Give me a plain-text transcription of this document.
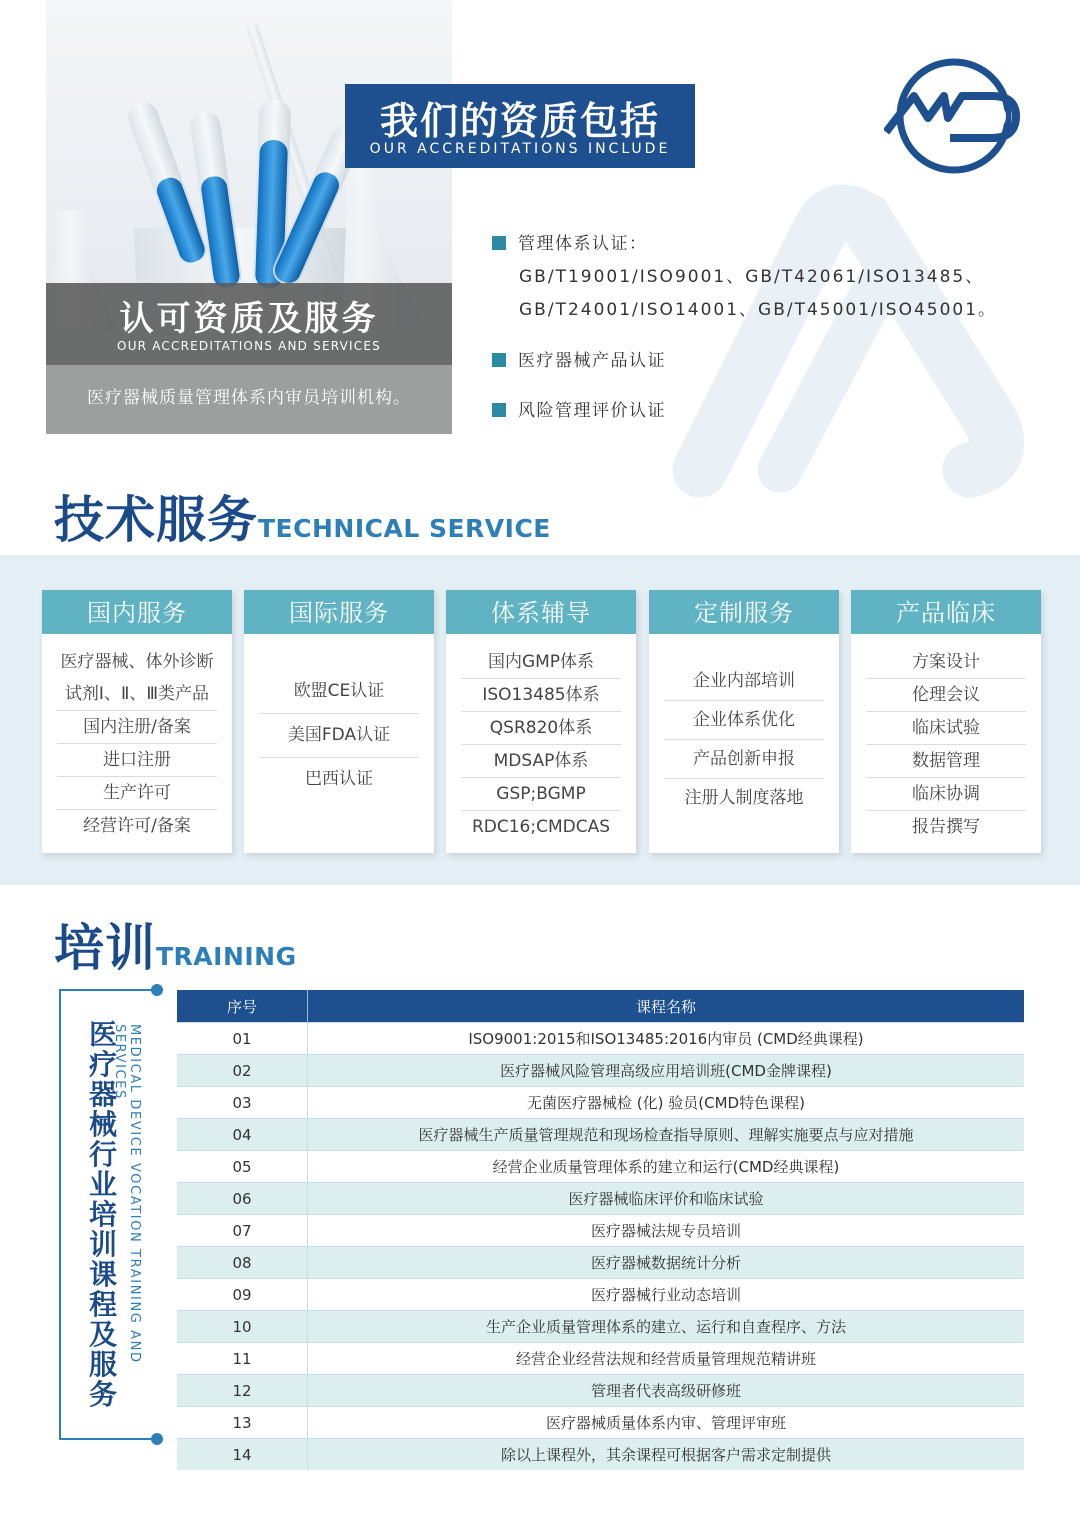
认可资质及服务
OUR ACCREDITATIONS AND SERVICES
医疗器械质量管理体系内审员培训机构。
我们的资质包括
OUR ACCREDITATIONS INCLUDE
管理体系认证：
GB/T19001/ISO9001、GB/T42061/ISO13485、
GB/T24001/ISO14001、GB/T45001/ISO45001。
医疗器械产品认证
风险管理评价认证
技术服务TECHNICAL SERVICE
国内服务
医疗器械、体外诊断
试剂Ⅰ、Ⅱ、Ⅲ类产品
国内注册/备案
进口注册
生产许可
经营许可/备案
国际服务
欧盟CE认证
美国FDA认证
巴西认证
体系辅导
国内GMP体系
ISO13485体系
QSR820体系
MDSAP体系
GSP;BGMP
RDC16;CMDCAS
定制服务
企业内部培训
企业体系优化
产品创新申报
注册人制度落地
产品临床
方案设计
伦理会议
临床试验
数据管理
临床协调
报告撰写
培训TRAINING
医疗器械行业培训课程及服务
MEDICAL DEVICE VOCATION TRAINING AND SERVICES
序号	课程名称
01	ISO9001:2015和ISO13485:2016内审员 (CMD经典课程)
02	医疗器械风险管理高级应用培训班(CMD金牌课程)
03	无菌医疗器械检 (化) 验员(CMD特色课程)
04	医疗器械生产质量管理规范和现场检查指导原则、理解实施要点与应对措施
05	经营企业质量管理体系的建立和运行(CMD经典课程)
06	医疗器械临床评价和临床试验
07	医疗器械法规专员培训
08	医疗器械数据统计分析
09	医疗器械行业动态培训
10	生产企业质量管理体系的建立、运行和自查程序、方法
11	经营企业经营法规和经营质量管理规范精讲班
12	管理者代表高级研修班
13	医疗器械质量体系内审、管理评审班
14	除以上课程外，其余课程可根据客户需求定制提供
